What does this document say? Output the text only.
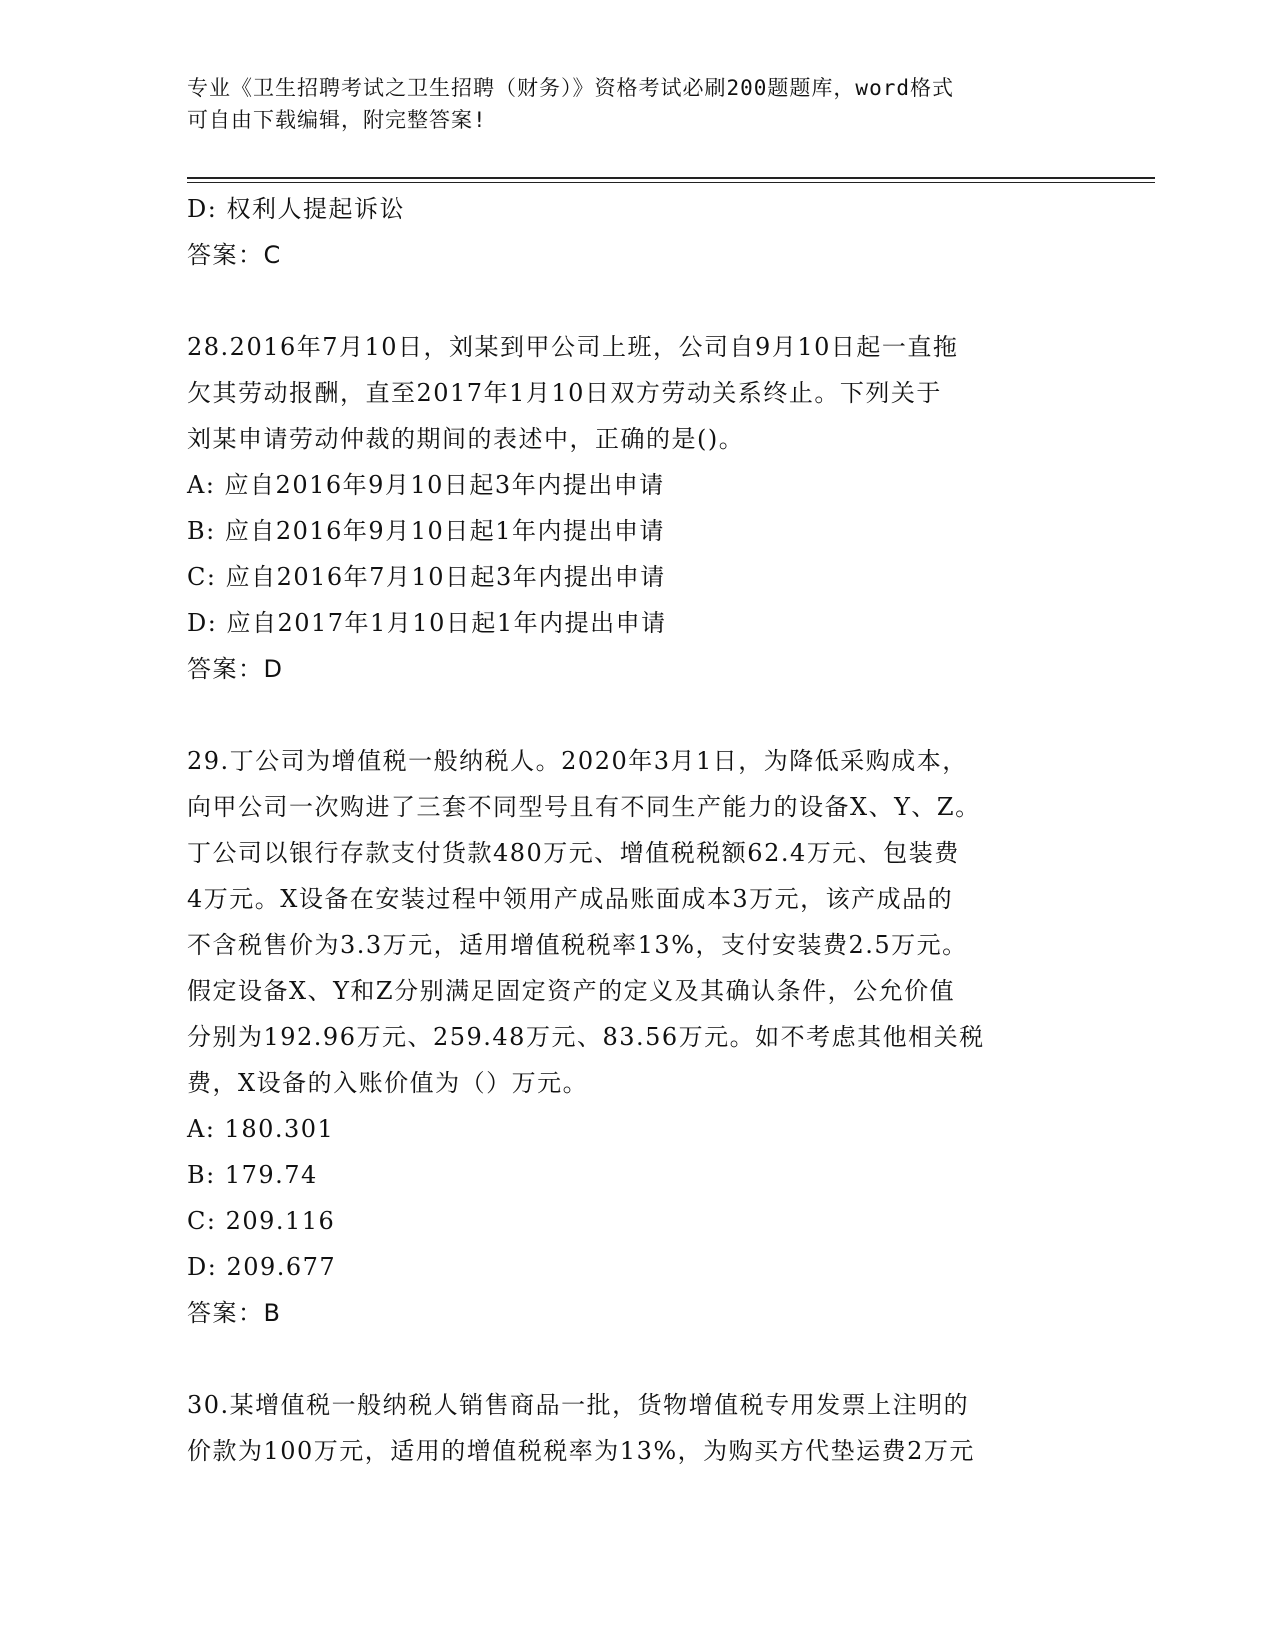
专业《卫生招聘考试之卫生招聘（财务）》资格考试必刷200题题库，word格式
可自由下载编辑，附完整答案!
D: 权利人提起诉讼
答案：C
28.2016年7月10日，刘某到甲公司上班，公司自9月10日起一直拖
欠其劳动报酬，直至2017年1月10日双方劳动关系终止。下列关于
刘某申请劳动仲裁的期间的表述中，正确的是()。
A: 应自2016年9月10日起3年内提出申请
B: 应自2016年9月10日起1年内提出申请
C: 应自2016年7月10日起3年内提出申请
D: 应自2017年1月10日起1年内提出申请
答案：D
29.丁公司为增值税一般纳税人。2020年3月1日，为降低采购成本，
向甲公司一次购进了三套不同型号且有不同生产能力的设备X、Y、Z。
丁公司以银行存款支付货款480万元、增值税税额62.4万元、包装费
4万元。X设备在安装过程中领用产成品账面成本3万元，该产成品的
不含税售价为3.3万元，适用增值税税率13%，支付安装费2.5万元。
假定设备X、Y和Z分别满足固定资产的定义及其确认条件，公允价值
分别为192.96万元、259.48万元、83.56万元。如不考虑其他相关税
费，X设备的入账价值为（）万元。
A: 180.301
B: 179.74
C: 209.116
D: 209.677
答案：B
30.某增值税一般纳税人销售商品一批，货物增值税专用发票上注明的
价款为100万元，适用的增值税税率为13%，为购买方代垫运费2万元
